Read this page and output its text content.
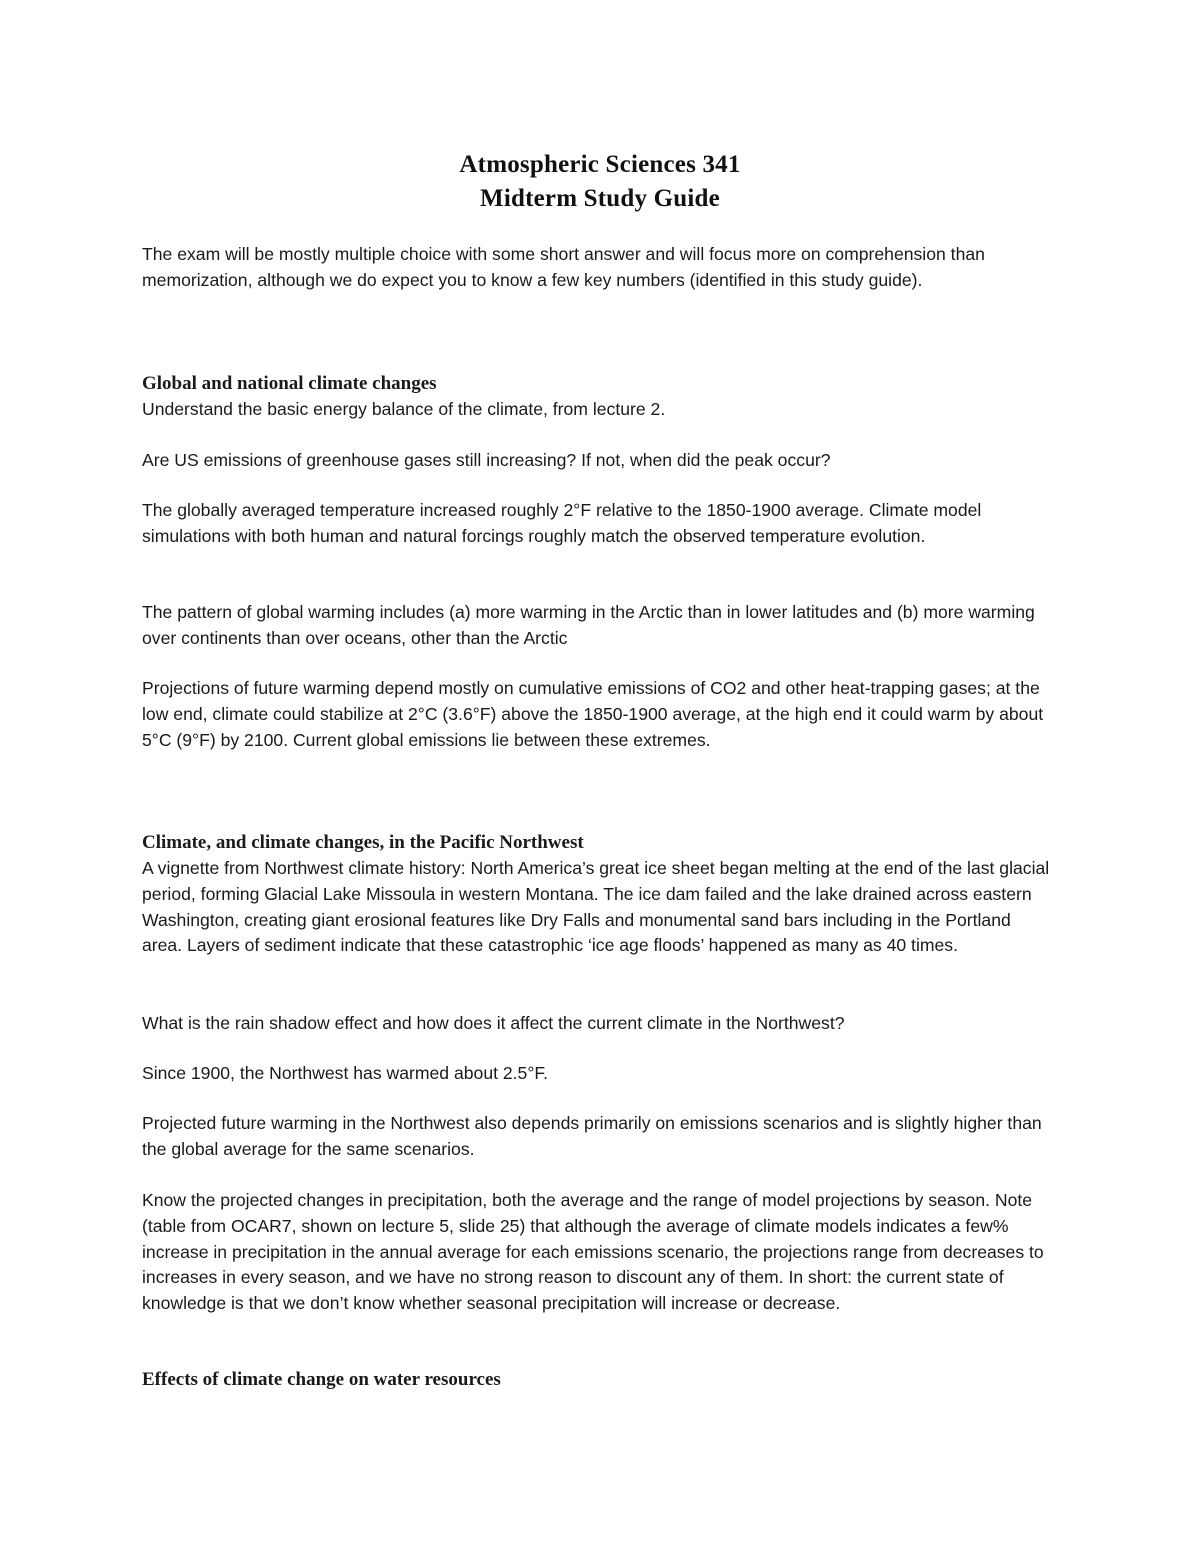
Atmospheric Sciences 341
Midterm Study Guide

The exam will be mostly multiple choice with some short answer and will focus more on comprehension than memorization, although we do expect you to know a few key numbers (identified in this study guide).

Global and national climate changes

Understand the basic energy balance of the climate, from lecture 2.

Are US emissions of greenhouse gases still increasing? If not, when did the peak occur?

The globally averaged temperature increased roughly 2°F relative to the 1850-1900 average. Climate model simulations with both human and natural forcings roughly match the observed temperature evolution.

The pattern of global warming includes (a) more warming in the Arctic than in lower latitudes and (b) more warming over continents than over oceans, other than the Arctic

Projections of future warming depend mostly on cumulative emissions of CO2 and other heat-trapping gases; at the low end, climate could stabilize at 2°C (3.6°F) above the 1850-1900 average, at the high end it could warm by about 5°C (9°F) by 2100. Current global emissions lie between these extremes.

Climate, and climate changes, in the Pacific Northwest

A vignette from Northwest climate history: North America’s great ice sheet began melting at the end of the last glacial period, forming Glacial Lake Missoula in western Montana. The ice dam failed and the lake drained across eastern Washington, creating giant erosional features like Dry Falls and monumental sand bars including in the Portland area. Layers of sediment indicate that these catastrophic ‘ice age floods’ happened as many as 40 times.

What is the rain shadow effect and how does it affect the current climate in the Northwest?

Since 1900, the Northwest has warmed about 2.5°F.

Projected future warming in the Northwest also depends primarily on emissions scenarios and is slightly higher than the global average for the same scenarios.

Know the projected changes in precipitation, both the average and the range of model projections by season. Note (table from OCAR7, shown on lecture 5, slide 25) that although the average of climate models indicates a few% increase in precipitation in the annual average for each emissions scenario, the projections range from decreases to increases in every season, and we have no strong reason to discount any of them. In short: the current state of knowledge is that we don’t know whether seasonal precipitation will increase or decrease.

Effects of climate change on water resources
